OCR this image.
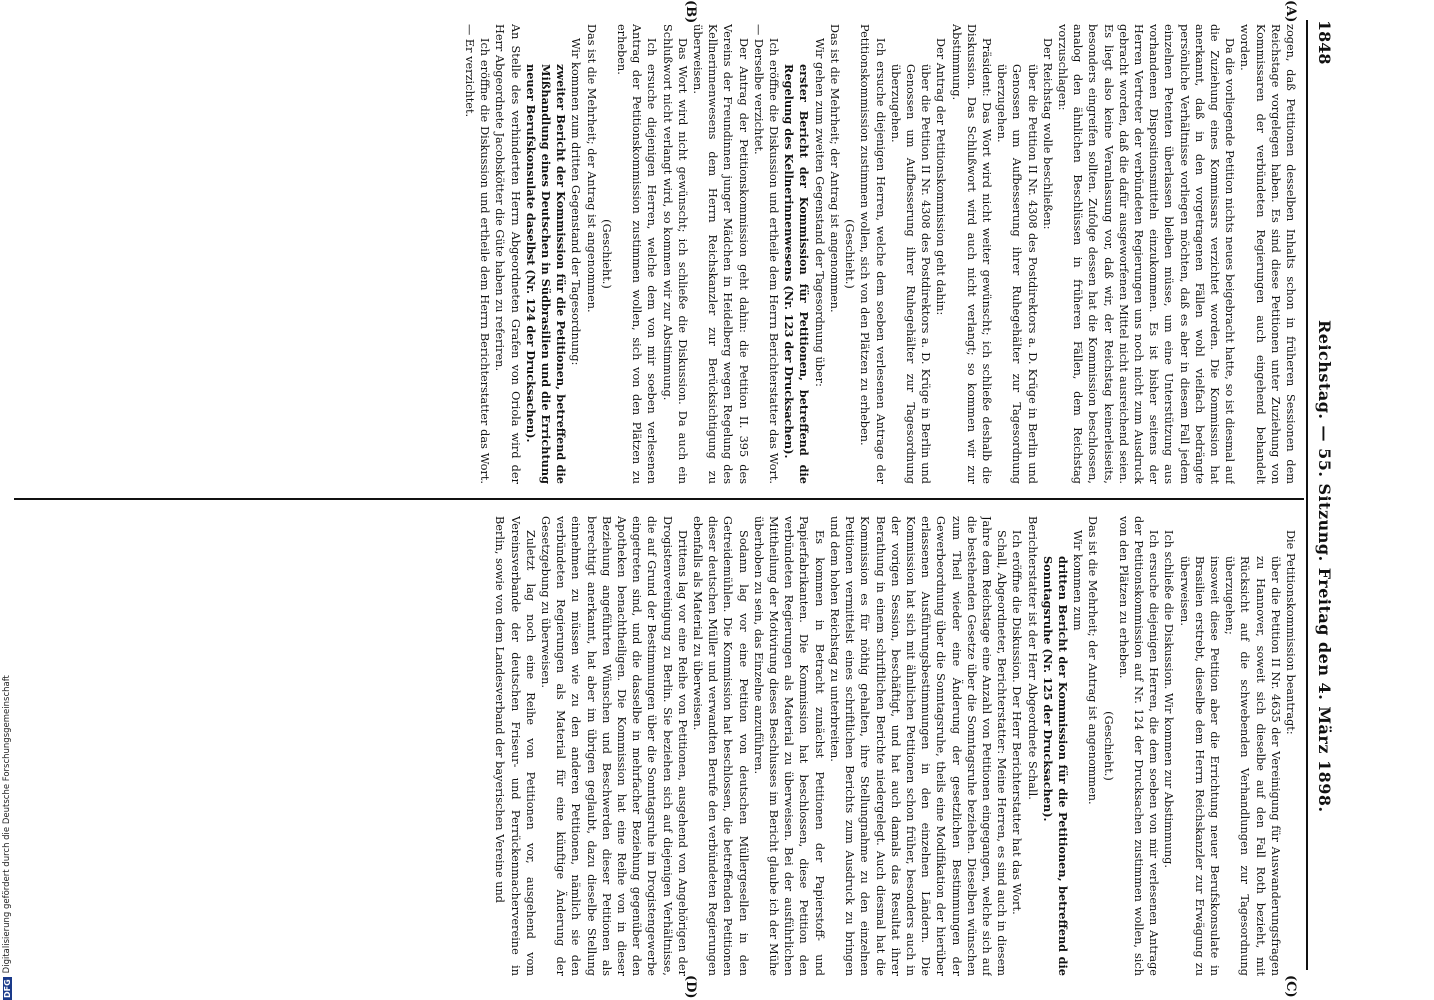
1848
Reichstag. — 55. Sitzung. Freitag den 4. März 1898.
(A)
(B)
(C)
(D)

zogen, daß Petitionen desselben Inhalts schon in früheren Sessionen dem Reichstage vorgelegen haben. Es sind diese Petitionen unter Zuziehung von Kommissaren der verbündeten Regierungen auch eingehend behandelt worden.

Da die vorliegende Petition nichts neues beigebracht hatte, so ist diesmal auf die Zuziehung eines Kommissars verzichtet worden. Die Kommission hat anerkannt, daß in den vorgetragenen Fällen wohl vielfach bedrängte persönliche Verhältnisse vorliegen möchten, daß es aber in diesem Fall jedem einzelnen Petenten überlassen bleiben müsse, um eine Unterstützung aus vorhandenen Dispositionsmitteln einzukommen. Es ist bisher seitens der Herren Vertreter der verbündeten Regierungen uns noch nicht zum Ausdruck gebracht worden, daß die dafür ausgeworfenen Mittel nicht ausreichend seien. Es liegt also keine Veranlassung vor, daß wir, der Reichstag keinerleiseits, besonders eingreifen sollten. Zufolge dessen hat die Kommission beschlossen, analog den ähnlichen Beschlüssen in früheren Fällen, dem Reichstag vorzuschlagen:

Der Reichstag wolle beschließen:

über die Petition II Nr. 4308 des Postdirektors a. D. Krüge in Berlin und Genossen um Aufbesserung ihrer Ruhegehälter zur Tagesordnung überzugehen.

Präsident: Das Wort wird nicht weiter gewünscht; ich schließe deshalb die Diskussion. Das Schlußwort wird auch nicht verlangt; so kommen wir zur Abstimmung.

Der Antrag der Petitionskommission geht dahin:

über die Petition II Nr. 4308 des Postdirektors a. D. Krüge in Berlin und Genossen um Aufbesserung ihrer Ruhegehälter zur Tagesordnung überzugehen.

Ich ersuche diejenigen Herren, welche dem soeben verlesenen Antrage der Petitionskommission zustimmen wollen, sich von den Plätzen zu erheben.

(Geschieht.)

Das ist die Mehrheit; der Antrag ist angenommen.

Wir gehen zum zweiten Gegenstand der Tagesordnung über:

erster Bericht der Kommission für Petitionen, betreffend die Regelung des Kellnerinnenwesens (Nr. 123 der Drucksachen).

Ich eröffne die Diskussion und ertheile dem Herrn Berichterstatter das Wort. — Derselbe verzichtet.

Der Antrag der Petitionskommission geht dahin: die Petition II. 395 des Vereins der Freundinnen junger Mädchen in Heidelberg wegen Regelung des Kellnerinnenwesens dem Herrn Reichskanzler zur Berücksichtigung zu überweisen.

Das Wort wird nicht gewünscht; ich schließe die Diskussion. Da auch ein Schlußwort nicht verlangt wird, so kommen wir zur Abstimmung.

Ich ersuche diejenigen Herren, welche dem von mir soeben verlesenen Antrag der Petitionskommission zustimmen wollen, sich von den Plätzen zu erheben.

(Geschieht.)

Das ist die Mehrheit; der Antrag ist angenommen.

Wir kommen zum dritten Gegenstand der Tagesordnung:

zweiter Bericht der Kommission für die Petitionen, betreffend die Mißhandlung eines Deutschen in Südbrasilien und die Errichtung neuer Berufskonsulate daselbst (Nr. 124 der Drucksachen).

An Stelle des verhinderten Herrn Abgeordneten Grafen von Oriola wird der Herr Abgeordnete Jacobskötter die Güte haben zu referiren.

Ich eröffne die Diskussion und ertheile dem Herrn Berichterstatter das Wort. — Er verzichtet.

Die Petitionskommission beantragt:

über die Petition II Nr. 4635 der Vereinigung für Auswanderungsfragen zu Hannover, soweit sich dieselbe auf den Fall Roth bezieht, mit Rücksicht auf die schwebenden Verhandlungen zur Tagesordnung überzugehen;

insoweit diese Petition aber die Errichtung neuer Berufskonsulate in Brasilien erstrebt, dieselbe dem Herrn Reichskanzler zur Erwägung zu überweisen.

Ich schließe die Diskussion. Wir kommen zur Abstimmung.

Ich ersuche diejenigen Herren, die dem soeben von mir verlesenen Antrage der Petitionskommission auf Nr. 124 der Drucksachen zustimmen wollen, sich von den Plätzen zu erheben.

(Geschieht.)

Das ist die Mehrheit; der Antrag ist angenommen.

Wir kommen zum

dritten Bericht der Kommission für die Petitionen, betreffend die Sonntagsruhe (Nr. 125 der Drucksachen).

Berichterstatter ist der Herr Abgeordnete Schall.

Ich eröffne die Diskussion. Der Herr Berichterstatter hat das Wort.

Schall, Abgeordneter, Berichterstatter: Meine Herren, es sind auch in diesem Jahre dem Reichstage eine Anzahl von Petitionen eingegangen, welche sich auf die bestehenden Gesetze über die Sonntagsruhe beziehen. Dieselben wünschen zum Theil wieder eine Änderung der gesetzlichen Bestimmungen der Gewerbeordnung über die Sonntagsruhe, theils eine Modifikation der hierüber erlassenen Ausführungsbestimmungen in den einzelnen Ländern. Die Kommission hat sich mit ähnlichen Petitionen schon früher, besonders auch in der vorigen Session, beschäftigt, und hat auch damals das Resultat ihrer Berathung in einem schriftlichen Berichte niedergelegt. Auch diesmal hat die Kommission es für nöthig gehalten, ihre Stellungnahme zu den einzelnen Petitionen vermittelst eines schriftlichen Berichts zum Ausdruck zu bringen und dem hohen Reichstag zu unterbreiten.

Es kommen in Betracht zunächst Petitionen der Papierstoff- und Papierfabrikanten. Die Kommission hat beschlossen, diese Petition den verbündeten Regierungen als Material zu überweisen. Bei der ausführlichen Mittheilung der Motivirung dieses Beschlusses im Bericht glaube ich der Mühe überhoben zu sein, das Einzelne anzuführen.

Sodann lag vor eine Petition von deutschen Müllergesellen in den Getreidemühlen. Die Kommission hat beschlossen, die betreffenden Petitionen dieser deutschen Müller und verwandten Berufe den verbündeten Regierungen ebenfalls als Material zu überweisen.

Drittens lag vor eine Reihe von Petitionen, ausgehend von Angehörigen der Drogistenvereinigung zu Berlin. Sie beziehen sich auf diejenigen Verhältnisse, die auf Grund der Bestimmungen über die Sonntagsruhe im Drogistengewerbe eingetreten sind, und die dasselbe in mehrfacher Beziehung gegenüber den Apotheken benachtheiligen. Die Kommission hat eine Reihe von in dieser Beziehung angeführten Wünschen und Beschwerden dieser Petitionen als berechtigt anerkannt, hat aber im übrigen geglaubt, dazu dieselbe Stellung einnehmen zu müssen wie zu den anderen Petitionen, nämlich sie den verbündeten Regierungen als Material für eine künftige Änderung der Gesetzgebung zu überweisen.

Zuletzt lag noch eine Reihe von Petitionen vor, ausgehend vom Vereinsverbande der deutschen Friseur- und Perrückenmachervereine in Berlin, sowie von dem Landesverband der bayerischen Vereine und

DFG
Digitalisierung gefördert durch die Deutsche Forschungsgemeinschaft
